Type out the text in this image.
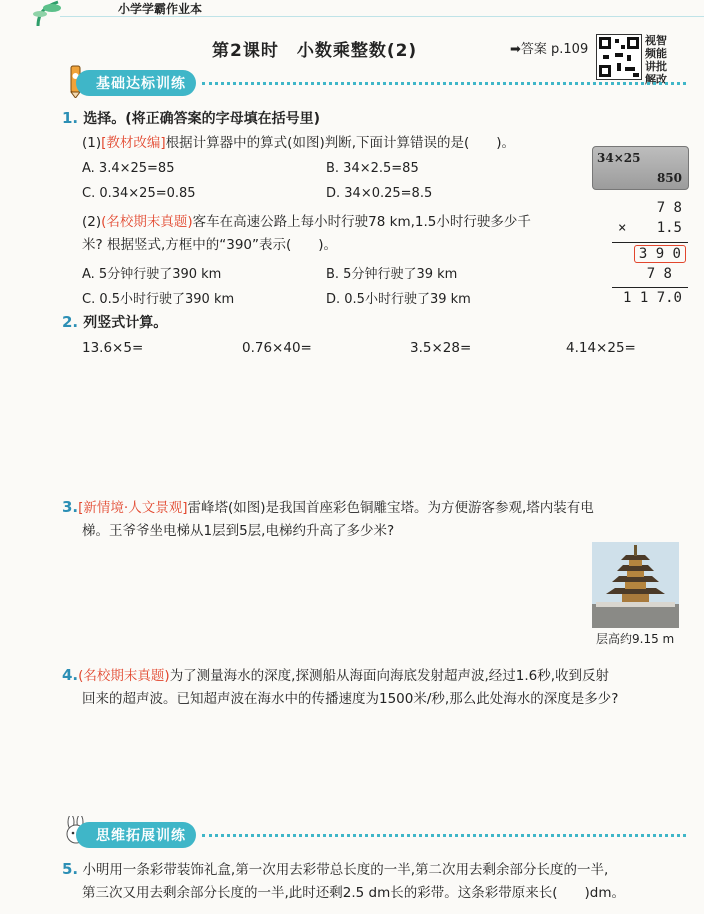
小学学霸作业本
第2课时　小数乘整数(2)	➡答案 p.109
视智
频能
讲批
解改
基础达标训练
1. 选择。(将正确答案的字母填在括号里)
(1)[教材改编]根据计算器中的算式(如图)判断,下面计算错误的是(　　)。
A. 3.4×25=85	B. 34×2.5=85
C. 0.34×25=0.85	D. 34×0.25=8.5
34×25
850
(2)(名校期末真题)客车在高速公路上每小时行驶78 km,1.5小时行驶多少千
米? 根据竖式,方框中的“390”表示(　　)。
A. 5分钟行驶了390 km	B. 5分钟行驶了39 km
C. 0.5小时行驶了390 km	D. 0.5小时行驶了39 km
7 8
× 1.5
3 9 0
7 8
1 1 7.0
2. 列竖式计算。
13.6×5=	0.76×40=	3.5×28=	4.14×25=
3.[新情境·人文景观]雷峰塔(如图)是我国首座彩色铜雕宝塔。为方便游客参观,塔内装有电
梯。王爷爷坐电梯从1层到5层,电梯约升高了多少米?
层高约9.15 m
4.(名校期末真题)为了测量海水的深度,探测船从海面向海底发射超声波,经过1.6秒,收到反射
回来的超声波。已知超声波在海水中的传播速度为1500米/秒,那么此处海水的深度是多少?
思维拓展训练
5. 小明用一条彩带装饰礼盒,第一次用去彩带总长度的一半,第二次用去剩余部分长度的一半,
第三次又用去剩余部分长度的一半,此时还剩2.5 dm长的彩带。这条彩带原来长(　　)dm。
